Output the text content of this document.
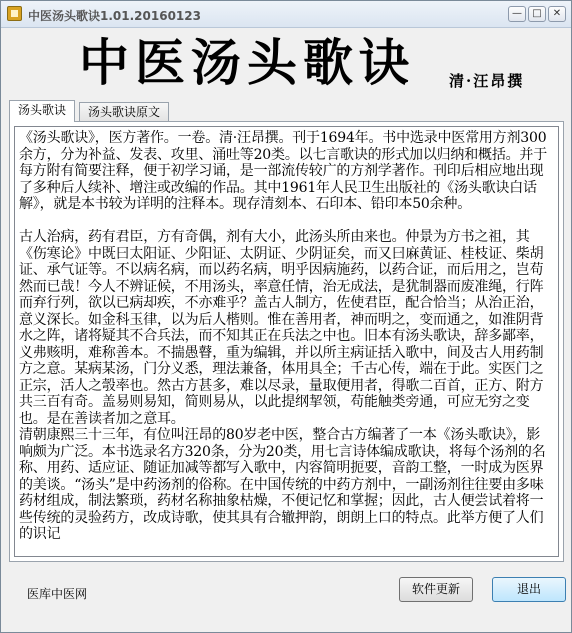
中医汤头歌诀1.01.20160123	—	□	✕
中医汤头歌诀 清·汪昂撰
汤头歌诀	汤头歌诀原文
《汤头歌诀》，医方著作。一卷。清·汪昂撰。刊于1694年。书中选录中医常用方剂300余方，分为补益、发表、攻里、涌吐等20类。以七言歌诀的形式加以归纳和概括。并于每方附有简要注释，便于初学习诵，是一部流传较广的方剂学著作。刊印后相应地出现了多种后人续补、增注或改编的作品。其中1961年人民卫生出版社的《汤头歌诀白话解》，就是本书较为详明的注释本。现存清刻本、石印本、铅印本50余种。

古人治病，药有君臣，方有奇偶，剂有大小，此汤头所由来也。仲景为方书之祖，其《伤寒论》中既曰太阳证、少阳证、太阴证、少阴证矣，而又曰麻黄证、桂枝证、柴胡证、承气证等。不以病名病，而以药名病，明乎因病施药，以药合证，而后用之，岂苟然而已哉！今人不辨证候，不用汤头，率意任情，治无成法，是犹制器而废准绳，行阵而弃行列，欲以已病却疾，不亦难乎？盖古人制方，佐使君臣，配合恰当；从治正治，意义深长。如金科玉律，以为后人楷则。惟在善用者，神而明之，变而通之，如淮阴背水之阵，诸将疑其不合兵法，而不知其正在兵法之中也。旧本有汤头歌诀，辞多鄙率，义弗赅明，难称善本。不揣愚瞽，重为编辑，并以所主病证括入歌中，间及古人用药制方之意。某病某汤，门分义悉，理法兼备，体用具全；千古心传，端在于此。实医门之正宗，活人之彀率也。然古方甚多，难以尽录，量取便用者，得歌二百首，正方、附方共三百有奇。盖易则易知，简则易从，以此提纲挈领，苟能触类旁通，可应无穷之变也。是在善读者加之意耳。
清朝康熙三十三年，有位叫汪昂的80岁老中医，整合古方编著了一本《汤头歌诀》，影响颇为广泛。本书选录名方320条，分为20类，用七言诗体编成歌诀，将每个汤剂的名称、用药、适应证、随证加减等都写入歌中，内容简明扼要，音韵工整，一时成为医界的美谈。“汤头”是中药汤剂的俗称。在中国传统的中药方剂中，一副汤剂往往要由多味药材组成，制法繁琐，药材名称抽象枯燥，不便记忆和掌握；因此，古人便尝试着将一些传统的灵验药方，改成诗歌，使其具有合辙押韵，朗朗上口的特点。此举方便了人们的识记
医库中医网	软件更新	退出
